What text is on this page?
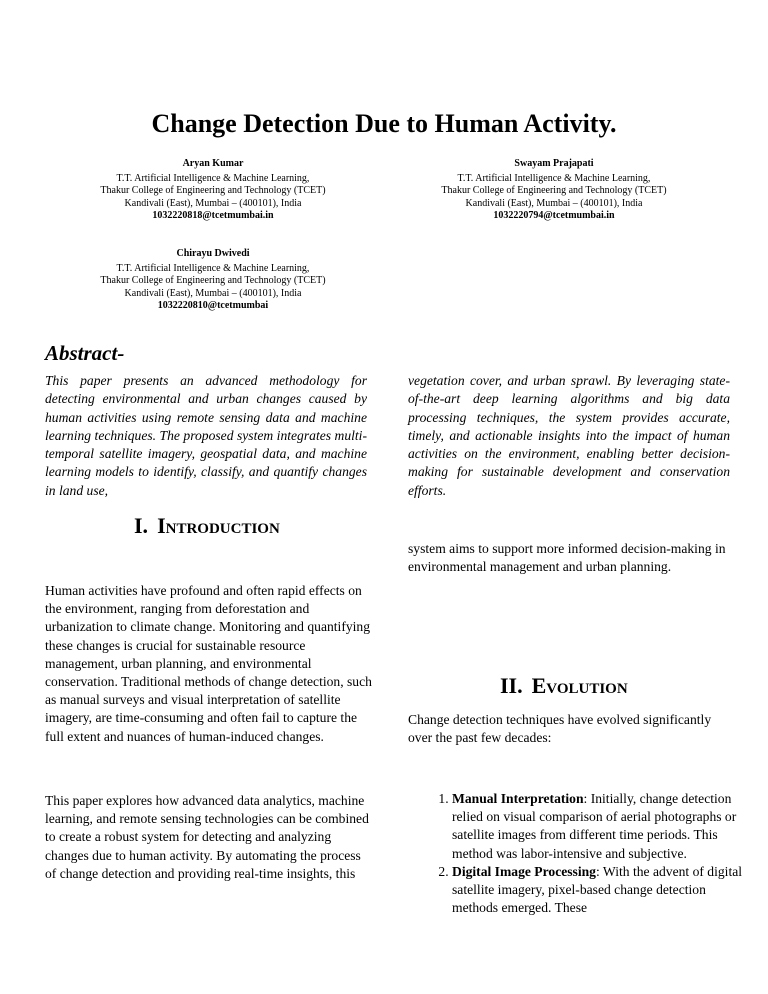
Change Detection Due to Human Activity.
Aryan Kumar
T.T. Artificial Intelligence & Machine Learning,
Thakur College of Engineering and Technology (TCET)
Kandivali (East), Mumbai – (400101), India
1032220818@tcetmumbai.in
Swayam Prajapati
T.T. Artificial Intelligence & Machine Learning,
Thakur College of Engineering and Technology (TCET)
Kandivali (East), Mumbai – (400101), India
1032220794@tcetmumbai.in
Chirayu Dwivedi
T.T. Artificial Intelligence & Machine Learning,
Thakur College of Engineering and Technology (TCET)
Kandivali (East), Mumbai – (400101), India
1032220810@tcetmumbai
Abstract-

This paper presents an advanced methodology for detecting environmental and urban changes caused by human activities using remote sensing data and machine learning techniques. The proposed system integrates multi-temporal satellite imagery, geospatial data, and machine learning models to identify, classify, and quantify changes in land use,

vegetation cover, and urban sprawl. By leveraging state-of-the-art deep learning algorithms and big data processing techniques, the system provides accurate, timely, and actionable insights into the impact of human activities on the environment, enabling better decision-making for sustainable development and conservation efforts.

I. Introduction

Human activities have profound and often rapid effects on the environment, ranging from deforestation and urbanization to climate change. Monitoring and quantifying these changes is crucial for sustainable resource management, urban planning, and environmental conservation. Traditional methods of change detection, such as manual surveys and visual interpretation of satellite imagery, are time-consuming and often fail to capture the full extent and nuances of human-induced changes.

This paper explores how advanced data analytics, machine learning, and remote sensing technologies can be combined to create a robust system for detecting and analyzing changes due to human activity. By automating the process of change detection and providing real-time insights, this

system aims to support more informed decision-making in environmental management and urban planning.

II. Evolution

Change detection techniques have evolved significantly over the past few decades:

1. Manual Interpretation: Initially, change detection relied on visual comparison of aerial photographs or satellite images from different time periods. This method was labor-intensive and subjective.
2. Digital Image Processing: With the advent of digital satellite imagery, pixel-based change detection methods emerged. These
